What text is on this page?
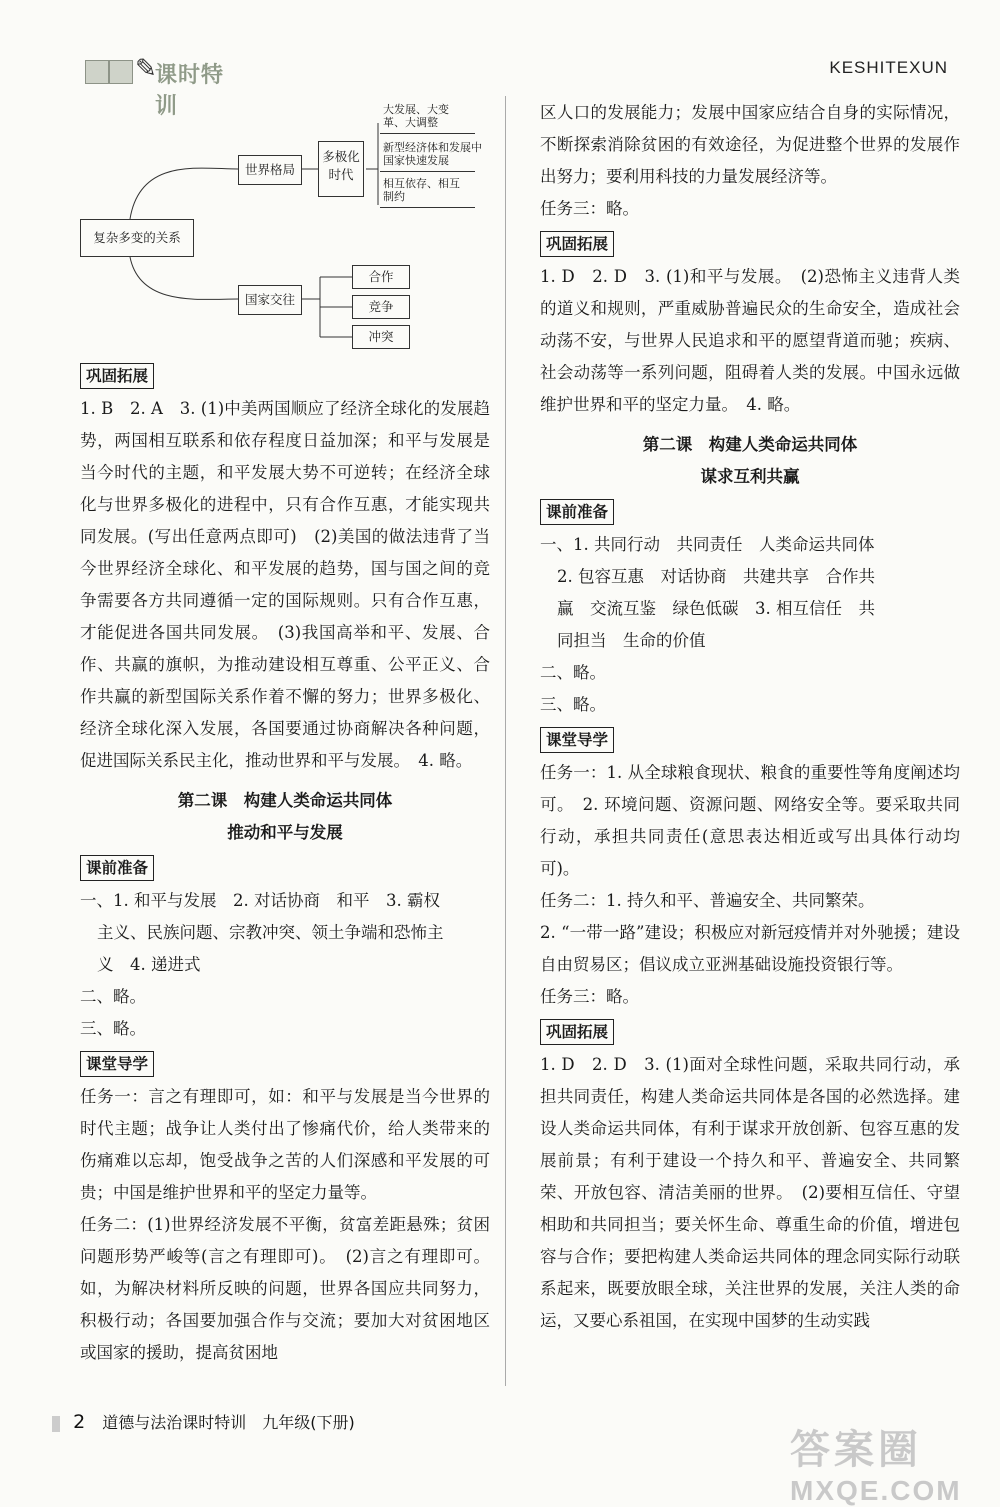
✎
课时特训
KESHITEXUN
复杂多变的关系
世界格局
多极化时代
大发展、大变革、大调整
新型经济体和发展中国家快速发展
相互依存、相互制约
国家交往
合作
竞争
冲突
巩固拓展

1. B　2. A　3. (1)中美两国顺应了经济全球化的发展趋势，两国相互联系和依存程度日益加深；和平与发展是当今时代的主题，和平发展大势不可逆转；在经济全球化与世界多极化的进程中，只有合作互惠，才能实现共同发展。(写出任意两点即可)　(2)美国的做法违背了当今世界经济全球化、和平发展的趋势，国与国之间的竞争需要各方共同遵循一定的国际规则。只有合作互惠，才能促进各国共同发展。　(3)我国高举和平、发展、合作、共赢的旗帜，为推动建设相互尊重、公平正义、合作共赢的新型国际关系作着不懈的努力；世界多极化、经济全球化深入发展，各国要通过协商解决各种问题，促进国际关系民主化，推动世界和平与发展。　4. 略。

第二课　构建人类命运共同体
推动和平与发展
课前准备
一、1. 和平与发展　2. 对话协商　和平　3. 霸权
主义、民族问题、宗教冲突、领土争端和恐怖主
义　4. 递进式
二、略。
三、略。
课堂导学

任务一：言之有理即可，如：和平与发展是当今世界的时代主题；战争让人类付出了惨痛代价，给人类带来的伤痛难以忘却，饱受战争之苦的人们深感和平发展的可贵；中国是维护世界和平的坚定力量等。

任务二：(1)世界经济发展不平衡，贫富差距悬殊；贫困问题形势严峻等(言之有理即可)。　(2)言之有理即可。如，为解决材料所反映的问题，世界各国应共同努力，积极行动；各国要加强合作与交流；要加大对贫困地区或国家的援助，提高贫困地

区人口的发展能力；发展中国家应结合自身的实际情况，不断探索消除贫困的有效途径，为促进整个世界的发展作出努力；要利用科技的力量发展经济等。

任务三：略。

巩固拓展

1. D　2. D　3. (1)和平与发展。　(2)恐怖主义违背人类的道义和规则，严重威胁普遍民众的生命安全，造成社会动荡不安，与世界人民追求和平的愿望背道而驰；疾病、社会动荡等一系列问题，阻碍着人类的发展。中国永远做维护世界和平的坚定力量。　4. 略。

第二课　构建人类命运共同体
谋求互利共赢
课前准备
一、1. 共同行动　共同责任　人类命运共同体
2. 包容互惠　对话协商　共建共享　合作共
赢　交流互鉴　绿色低碳　3. 相互信任　共
同担当　生命的价值
二、略。
三、略。
课堂导学

任务一：1. 从全球粮食现状、粮食的重要性等角度阐述均可。　2. 环境问题、资源问题、网络安全等。要采取共同行动，承担共同责任(意思表达相近或写出具体行动均可)。

任务二：1. 持久和平、普遍安全、共同繁荣。

2. “一带一路”建设；积极应对新冠疫情并对外驰援；建设自由贸易区；倡议成立亚洲基础设施投资银行等。

任务三：略。

巩固拓展

1. D　2. D　3. (1)面对全球性问题，采取共同行动，承担共同责任，构建人类命运共同体是各国的必然选择。建设人类命运共同体，有利于谋求开放创新、包容互惠的发展前景；有利于建设一个持久和平、普遍安全、共同繁荣、开放包容、清洁美丽的世界。　(2)要相互信任、守望相助和共同担当；要关怀生命、尊重生命的价值，增进包容与合作；要把构建人类命运共同体的理念同实际行动联系起来，既要放眼全球，关注世界的发展，关注人类的命运，又要心系祖国，在实现中国梦的生动实践

2 道德与法治课时特训　九年级(下册)
答案圈
MXQE.COM
